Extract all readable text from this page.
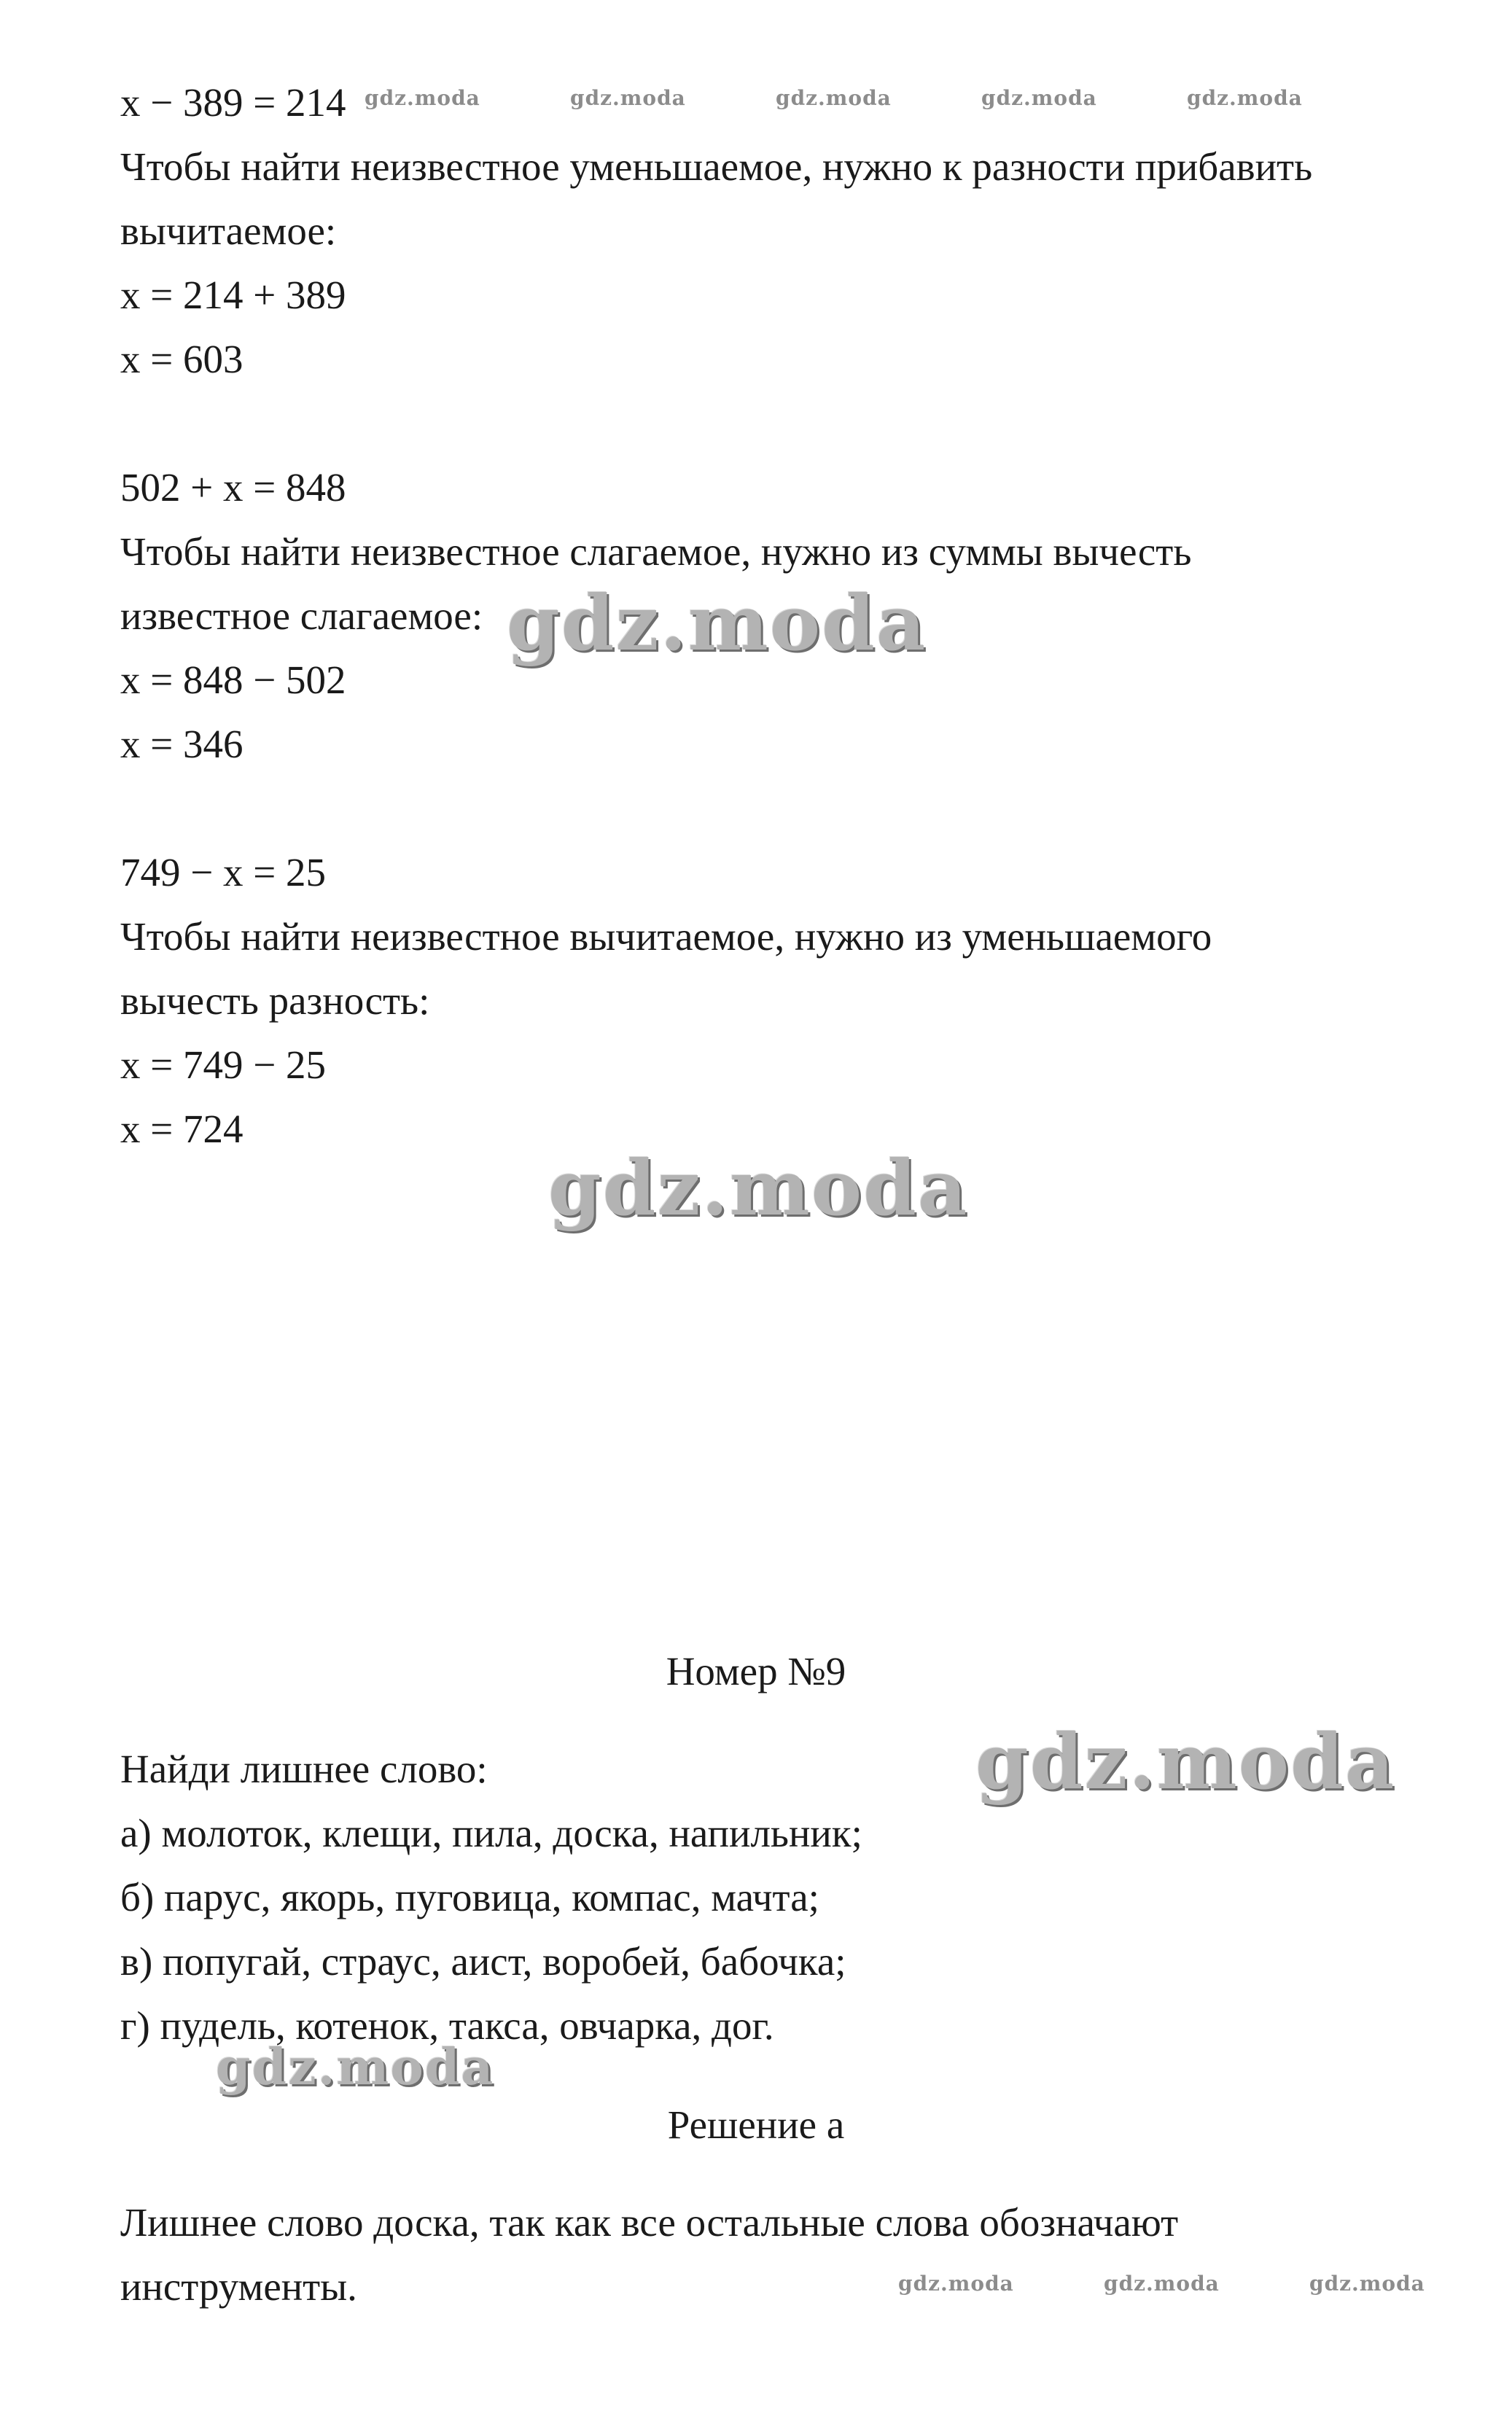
x − 389 = 214
Чтобы найти неизвестное уменьшаемое, нужно к разности прибавить
вычитаемое:
x = 214 + 389
x = 603
502 + x = 848
Чтобы найти неизвестное слагаемое, нужно из суммы вычесть
известное слагаемое:
x = 848 − 502
x = 346
749 − x = 25
Чтобы найти неизвестное вычитаемое, нужно из уменьшаемого
вычесть разность:
x = 749 − 25
x = 724
Номер №9
Найди лишнее слово:
а) молоток, клещи, пила, доска, напильник;
б) парус, якорь, пуговица, компас, мачта;
в) попугай, страус, аист, воробей, бабочка;
г) пудель, котенок, такса, овчарка, дог.
Решение а
Лишнее слово доска, так как все остальные слова обозначают
инструменты.
gdz.moda	gdz.moda	gdz.moda	gdz.moda	gdz.moda
gdz.moda
gdz.moda
gdz.moda
gdz.moda
gdz.moda	gdz.moda	gdz.moda
